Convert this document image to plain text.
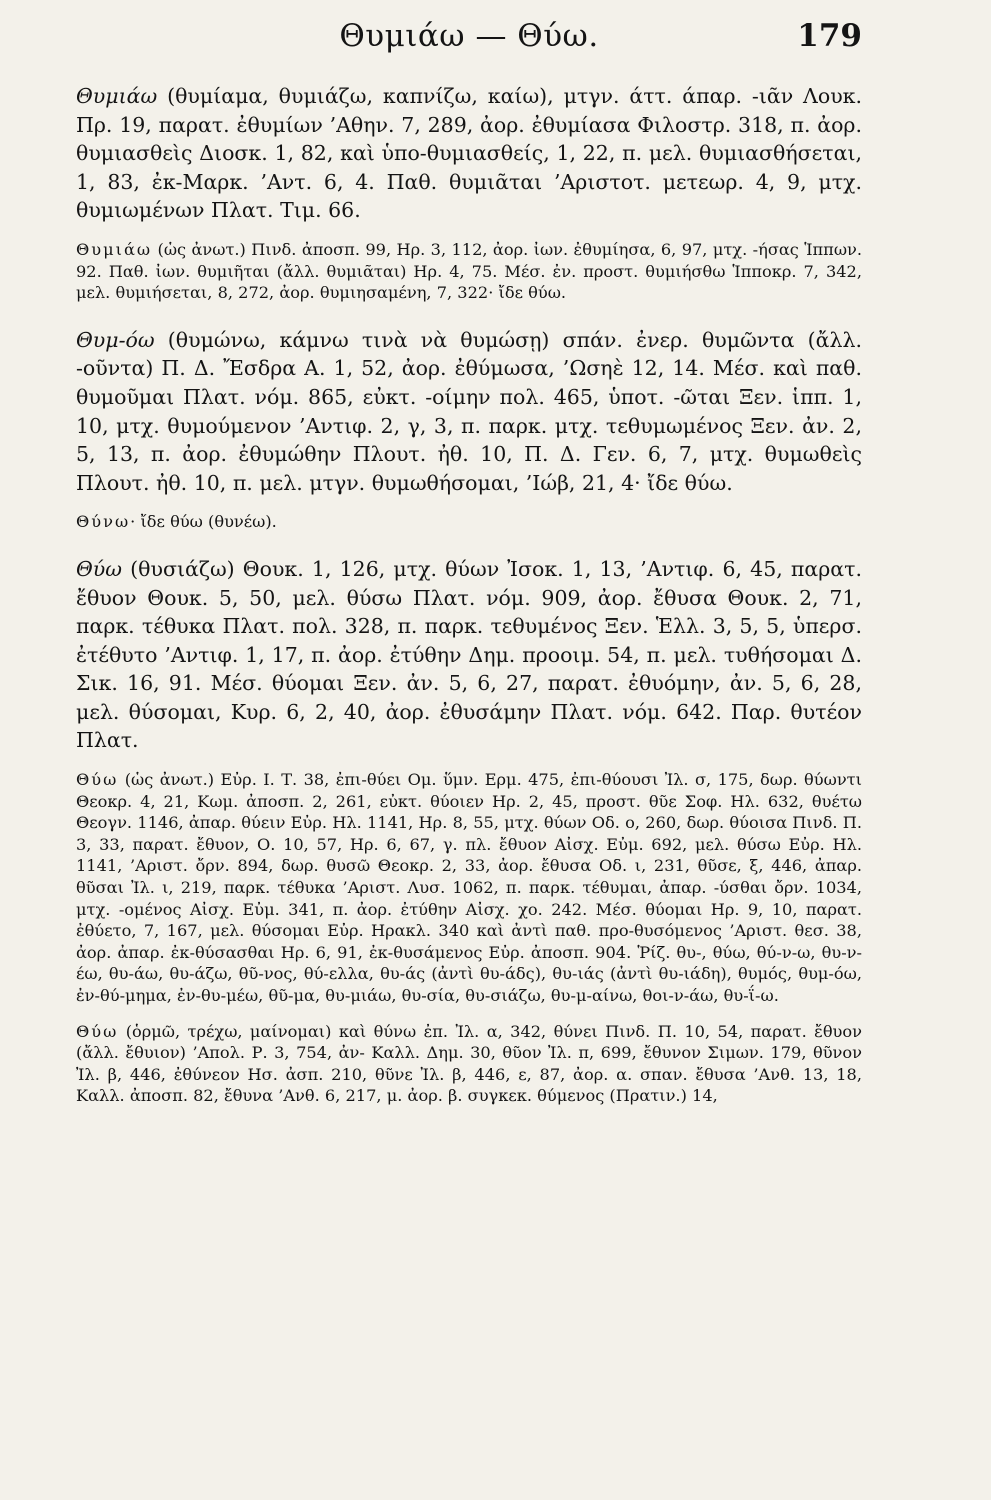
Θυμιάω — Θύω.	179

Θυμιάω (θυμίαμα, θυμιάζω, καπνίζω, καίω), μτγν. άττ. άπαρ. -ιᾶν Λουκ. Πρ. 19, παρατ. ἐθυμίων ’Αθην. 7, 289, ἀορ. ἐθυμίασα Φιλοστρ. 318, π. ἀορ. θυμιασθεὶς Διοσκ. 1, 82, καὶ ὑπο-θυμιασθείς, 1, 22, π. μελ. θυμιασθήσεται, 1, 83, ἐκ-Μαρκ. ’Αντ. 6, 4. Παθ. θυμιᾶται ’Αριστοτ. μετεωρ. 4, 9, μτχ. θυμιωμένων Πλατ. Τιμ. 66.

Θυμιάω (ὡς ἀνωτ.) Πινδ. ἀποσπ. 99, Ηρ. 3, 112, ἀορ. ἰων. ἐθυμίησα, 6, 97, μτχ. -ήσας Ἱππων. 92. Παθ. ἰων. θυμιῆται (ἄλλ. θυμιᾶται) Ηρ. 4, 75. Μέσ. ἐν. προστ. θυμιήσθω Ἱπποκρ. 7, 342, μελ. θυμιήσεται, 8, 272, ἀορ. θυμιησαμένη, 7, 322· ἴδε θύω.

Θυμ-όω (θυμώνω, κάμνω τινὰ νὰ θυμώσῃ) σπάν. ἐνερ. θυμῶντα (ἄλλ. -οῦντα) Π. Δ. Ἔσδρα Α. 1, 52, ἀορ. ἐθύμωσα, ’Ωσηὲ 12, 14. Μέσ. καὶ παθ. θυμοῦμαι Πλατ. νόμ. 865, εὐκτ. -οίμην πολ. 465, ὑποτ. -ῶται Ξεν. ἱππ. 1, 10, μτχ. θυμούμενον ’Αντιφ. 2, γ, 3, π. παρκ. μτχ. τεθυμωμένος Ξεν. ἀν. 2, 5, 13, π. ἀορ. ἐθυμώθην Πλουτ. ἠθ. 10, Π. Δ. Γεν. 6, 7, μτχ. θυμωθεὶς Πλουτ. ἠθ. 10, π. μελ. μτγν. θυμωθήσομαι, ’Ιώβ, 21, 4· ἴδε θύω.

Θύνω· ἴδε θύω (θυνέω).

Θύω (θυσιάζω) Θουκ. 1, 126, μτχ. θύων Ἰσοκ. 1, 13, ’Αντιφ. 6, 45, παρατ. ἔθυον Θουκ. 5, 50, μελ. θύσω Πλατ. νόμ. 909, ἀορ. ἔθυσα Θουκ. 2, 71, παρκ. τέθυκα Πλατ. πολ. 328, π. παρκ. τεθυμένος Ξεν. Ἑλλ. 3, 5, 5, ὑπερσ. ἐτέθυτο ’Αντιφ. 1, 17, π. ἀορ. ἐτύθην Δημ. προοιμ. 54, π. μελ. τυθήσομαι Δ. Σικ. 16, 91. Μέσ. θύομαι Ξεν. ἀν. 5, 6, 27, παρατ. ἐθυόμην, ἀν. 5, 6, 28, μελ. θύσομαι, Κυρ. 6, 2, 40, ἀορ. ἐθυσάμην Πλατ. νόμ. 642. Παρ. θυτέον Πλατ.

Θύω (ὡς ἀνωτ.) Εὐρ. Ι. Τ. 38, ἐπι-θύει Ομ. ὕμν. Ερμ. 475, ἐπι-θύουσι Ἰλ. σ, 175, δωρ. θύωντι Θεοκρ. 4, 21, Κωμ. ἀποσπ. 2, 261, εὐκτ. θύοιεν Ηρ. 2, 45, προστ. θῦε Σοφ. Ηλ. 632, θυέτω Θεογν. 1146, ἀπαρ. θύειν Εὐρ. Ηλ. 1141, Ηρ. 8, 55, μτχ. θύων Οδ. ο, 260, δωρ. θύοισα Πινδ. Π. 3, 33, παρατ. ἔθυον, Ο. 10, 57, Ηρ. 6, 67, γ. πλ. ἔθυον Αἰσχ. Εὐμ. 692, μελ. θύσω Εὐρ. Ηλ. 1141, ’Αριστ. ὄρν. 894, δωρ. θυσῶ Θεοκρ. 2, 33, ἀορ. ἔθυσα Οδ. ι, 231, θῦσε, ξ, 446, ἀπαρ. θῦσαι Ἰλ. ι, 219, παρκ. τέθυκα ’Αριστ. Λυσ. 1062, π. παρκ. τέθυμαι, ἀπαρ. -ύσθαι ὄρν. 1034, μτχ. -ομένος Αἰσχ. Εὐμ. 341, π. ἀορ. ἐτύθην Αἰσχ. χο. 242. Μέσ. θύομαι Ηρ. 9, 10, παρατ. ἐθύετο, 7, 167, μελ. θύσομαι Εὐρ. Ηρακλ. 340 καὶ ἀντὶ παθ. προ-θυσόμενος ’Αριστ. θεσ. 38, ἀορ. ἀπαρ. ἐκ-θύσασθαι Ηρ. 6, 91, ἐκ-θυσάμενος Εὐρ. ἀποσπ. 904. Ῥίζ. θυ-, θύω, θύ-ν-ω, θυ-ν-έω, θυ-άω, θυ-άζω, θῦ-νος, θύ-ελλα, θυ-άς (ἀντὶ θυ-άδς), θυ-ιάς (ἀντὶ θυ-ιάδη), θυμός, θυμ-όω, ἐν-θύ-μημα, ἐν-θυ-μέω, θῦ-μα, θυ-μιάω, θυ-σία, θυ-σιάζω, θυ-μ-αίνω, θοι-ν-άω, θυ-ΐ-ω.

Θύω (ὁρμῶ, τρέχω, μαίνομαι) καὶ θύνω ἐπ. Ἰλ. α, 342, θύνει Πινδ. Π. 10, 54, παρατ. ἔθυον (ἄλλ. ἔθυιον) ’Απολ. Ρ. 3, 754, ἀν- Καλλ. Δημ. 30, θῦον Ἰλ. π, 699, ἔθυνον Σιμων. 179, θῦνον Ἰλ. β, 446, ἐθύνεον Ησ. ἀσπ. 210, θῦνε Ἰλ. β, 446, ε, 87, ἀορ. α. σπαν. ἔθυσα ’Ανθ. 13, 18, Καλλ. ἀποσπ. 82, ἔθυνα ’Ανθ. 6, 217, μ. ἀορ. β. συγκεκ. θύμενος (Πρατιν.) 14,
